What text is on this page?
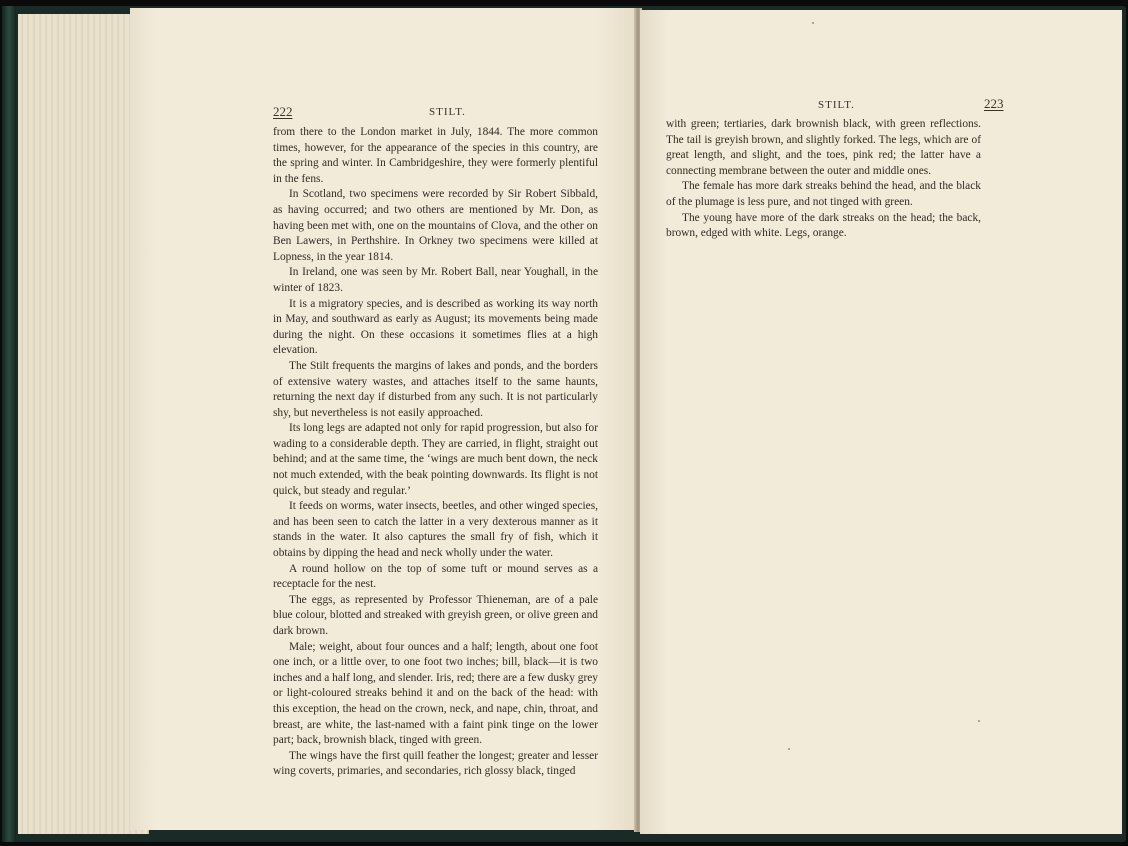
222	STILT.

from there to the London market in July, 1844. The more common times, however, for the appearance of the species in this country, are the spring and winter. In Cambridgeshire, they were formerly plentiful in the fens.

In Scotland, two specimens were recorded by Sir Robert Sibbald, as having occurred; and two others are mentioned by Mr. Don, as having been met with, one on the mountains of Clova, and the other on Ben Lawers, in Perthshire. In Orkney two specimens were killed at Lopness, in the year 1814.

In Ireland, one was seen by Mr. Robert Ball, near Youghall, in the winter of 1823.

It is a migratory species, and is described as working its way north in May, and southward as early as August; its movements being made during the night. On these occasions it sometimes flies at a high elevation.

The Stilt frequents the margins of lakes and ponds, and the borders of extensive watery wastes, and attaches itself to the same haunts, returning the next day if disturbed from any such. It is not particularly shy, but nevertheless is not easily approached.

Its long legs are adapted not only for rapid progression, but also for wading to a considerable depth. They are carried, in flight, straight out behind; and at the same time, the ‘wings are much bent down, the neck not much extended, with the beak pointing downwards. Its flight is not quick, but steady and regular.’

It feeds on worms, water insects, beetles, and other winged species, and has been seen to catch the latter in a very dexterous manner as it stands in the water. It also captures the small fry of fish, which it obtains by dipping the head and neck wholly under the water.

A round hollow on the top of some tuft or mound serves as a receptacle for the nest.

The eggs, as represented by Professor Thieneman, are of a pale blue colour, blotted and streaked with greyish green, or olive green and dark brown.

Male; weight, about four ounces and a half; length, about one foot one inch, or a little over, to one foot two inches; bill, black—it is two inches and a half long, and slender. Iris, red; there are a few dusky grey or light-coloured streaks behind it and on the back of the head: with this exception, the head on the crown, neck, and nape, chin, throat, and breast, are white, the last-named with a faint pink tinge on the lower part; back, brownish black, tinged with green.

The wings have the first quill feather the longest; greater and lesser wing coverts, primaries, and secondaries, rich glossy black, tinged

STILT.	223

with green; tertiaries, dark brownish black, with green reflections. The tail is greyish brown, and slightly forked. The legs, which are of great length, and slight, and the toes, pink red; the latter have a connecting membrane between the outer and middle ones.

The female has more dark streaks behind the head, and the black of the plumage is less pure, and not tinged with green.

The young have more of the dark streaks on the head; the back, brown, edged with white. Legs, orange.
